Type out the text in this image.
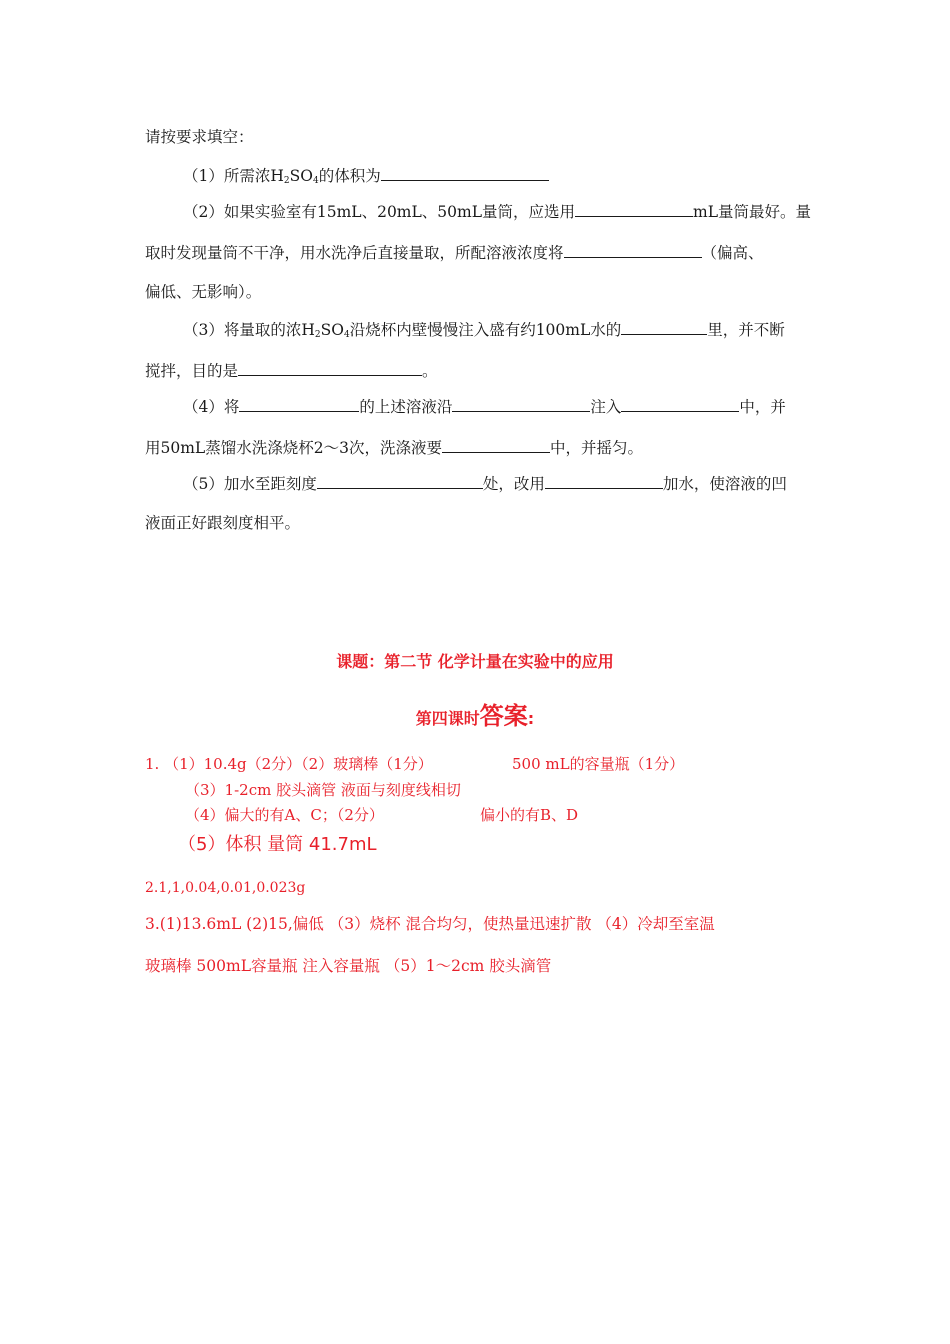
请按要求填空：
（1）所需浓$H_2SO_4$的体积为
（2）如果实验室有15mL、20mL、50mL量筒，应选用	mL量筒最好。量
取时发现量筒不干净，用水洗净后直接量取，所配溶液浓度将	（偏高、
偏低、无影响）。
（3）将量取的浓$H_2SO_4$沿烧杯内壁慢慢注入盛有约100mL水的	里，并不断
搅拌，目的是	。
（4）将	的上述溶液沿	注入	中，并
用50mL蒸馏水洗涤烧杯2～3次，洗涤液要	中，并摇匀。
（5）加水至距刻度	处，改用	加水，使溶液的凹
液面正好跟刻度相平。
课题：第二节 化学计量在实验中的应用
第四课时答案:
1. （1）10.4g（2分）（2）玻璃棒（1分）	500 mL的容量瓶（1分）
（3）1-2cm 胶头滴管 液面与刻度线相切
（4）偏大的有A、C；（2分）	偏小的有B、D
（5）体积 量筒 41.7mL
2.1,1,0.04,0.01,0.023g
3.(1)13.6mL (2)15,偏低 （3）烧杯 混合均匀，使热量迅速扩散 （4）冷却至室温
玻璃棒 500mL容量瓶 注入容量瓶 （5）1～2cm 胶头滴管
